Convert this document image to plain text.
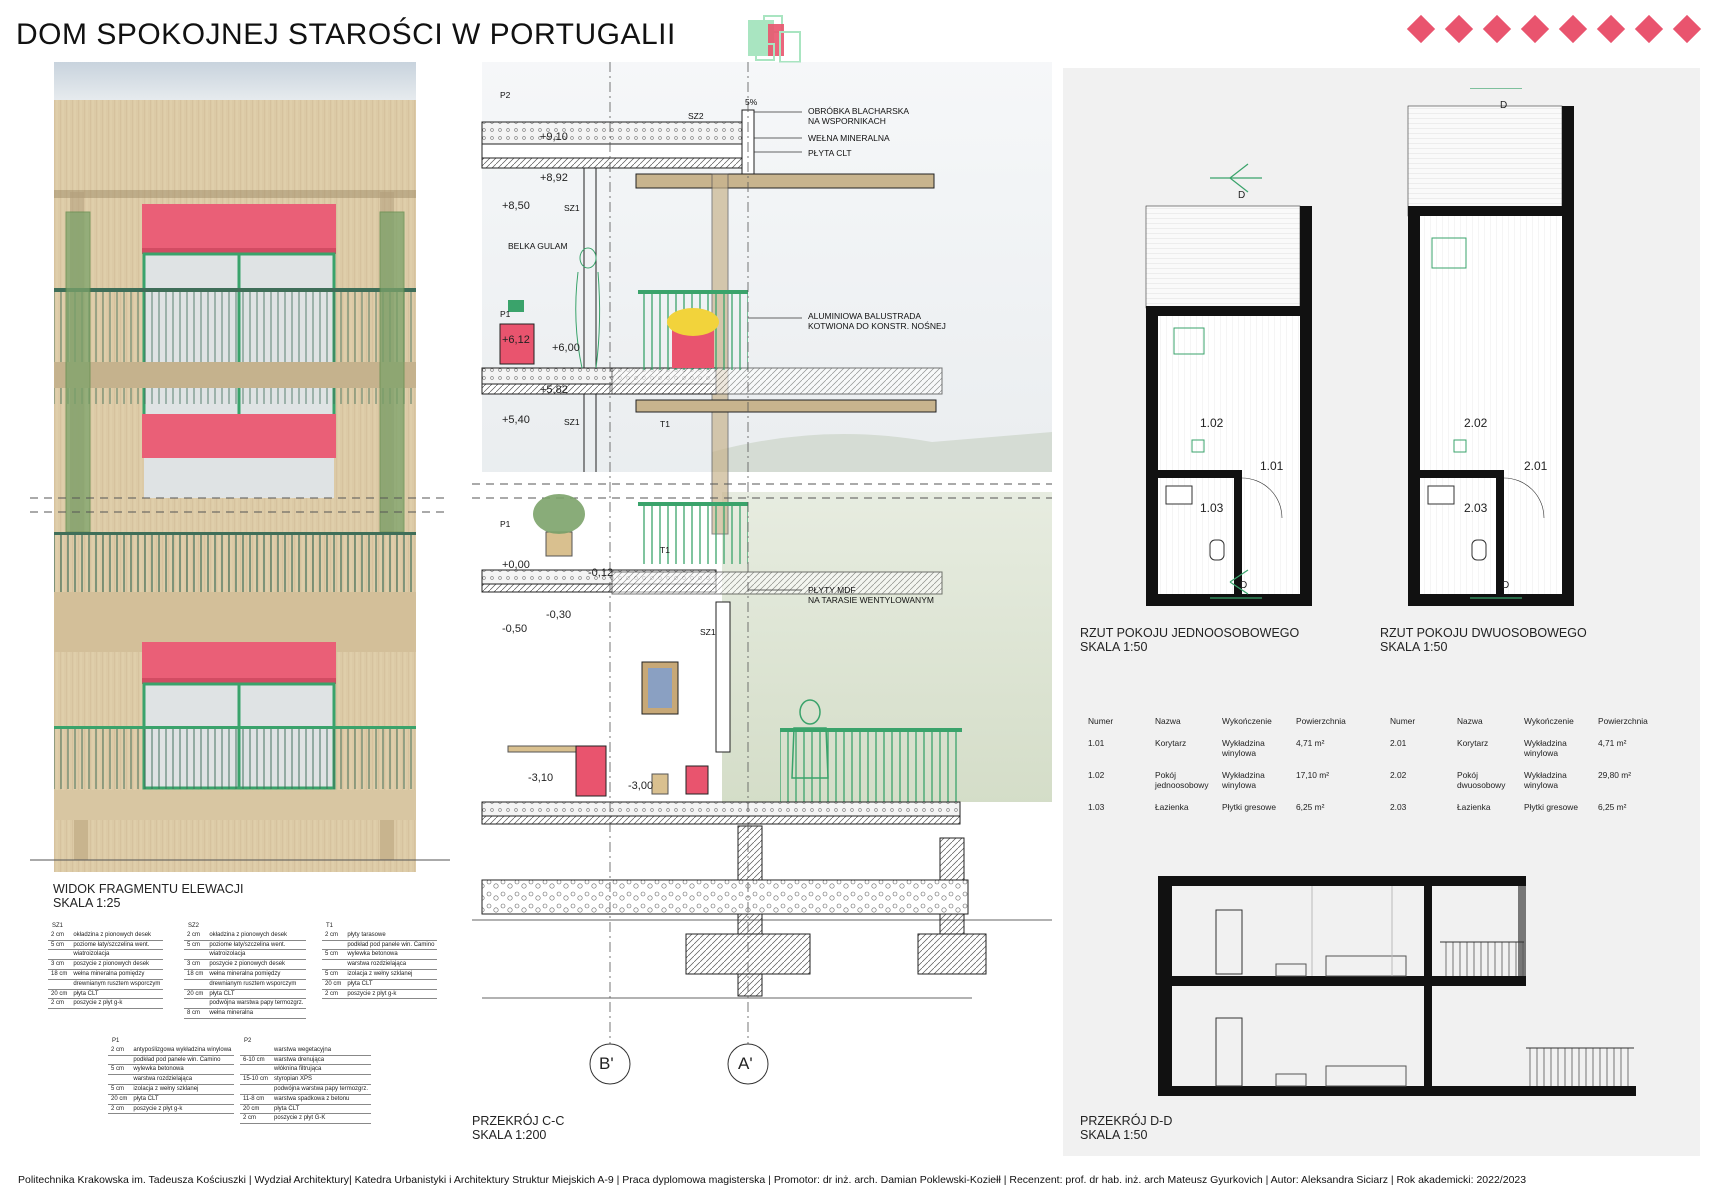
DOM SPOKOJNEJ STAROŚCI W PORTUGALII
WIDOK FRAGMENTU ELEWACJI
SKALA 1:25
SZ1
2 cm	okładzina z pionowych desek
5 cm	poziome łaty/szczelina went.
	wiatroizolacja
3 cm	poszycie z pionowych desek
18 cm	wełna mineralna pomiędzy
	drewnianym rusztem wsporczym
20 cm	płyta CLT
2 cm	poszycie z płyt g-k
SZ2
2 cm	okładzina z pionowych desek
5 cm	poziome łaty/szczelina went.
	wiatroizolacja
3 cm	poszycie z pionowych desek
18 cm	wełna mineralna pomiędzy
	drewnianym rusztem wsporczym
20 cm	płyta CLT
	podwójna warstwa papy termozgrz.
8 cm	wełna mineralna
T1
2 cm	płyty tarasowe
	podkład pod panele win. Camino
5 cm	wylewka betonowa
	warstwa rozdzielająca
5 cm	izolacja z wełny szklanej
20 cm	płyta CLT
2 cm	poszycie z płyt g-k
P1
2 cm	antypoślizgowa wykładzina winylowa
	podkład pod panele win. Camino
5 cm	wylewka betonowa
	warstwa rozdzielająca
5 cm	izolacja z wełny szklanej
20 cm	płyta CLT
2 cm	poszycie z płyt g-k
P2
	warstwa wegetacyjna
6-10 cm	warstwa drenująca
	włóknina filtrująca
15-10 cm	styropian XPS
	podwójna warstwa papy termozgrz.
11-8 cm	warstwa spadkowa z betonu
20 cm	płyta CLT
2 cm	poszycie z płyt G-K
P2
SZ2
5%
+9,10
+8,92
+8,50	SZ1
BELKA GULAM
P1
+6,12
+6,00
+5,82
+5,40	SZ1	T1
P1
T1
+0,00
-0,12
-0,30
-0,50	SZ1
-3,10
-3,00
B'	A'
OBRÓBKA BLACHARSKA
NA WSPORNIKACH
WEŁNA MINERALNA
PŁYTA CLT
ALUMINIOWA BALUSTRADA
KOTWIONA DO KONSTR. NOŚNEJ
PŁYTY MDF
NA TARASIE WENTYLOWANYM
PRZEKRÓJ C-C
SKALA 1:200
1.02
1.01
1.03
2.02
2.01
2.03
D
D
D
D
RZUT POKOJU JEDNOOSOBOWEGO
SKALA 1:50
RZUT POKOJU DWUOSOBOWEGO
SKALA 1:50
Numer	Nazwa	Wykończenie	Powierzchnia
1.01	Korytarz	Wykładzina winylowa	4,71 m²
1.02	Pokój jednoosobowy	Wykładzina winylowa	17,10 m²
1.03	Łazienka	Płytki gresowe	6,25 m²
Numer	Nazwa	Wykończenie	Powierzchnia
2.01	Korytarz	Wykładzina winylowa	4,71 m²
2.02	Pokój dwuosobowy	Wykładzina winylowa	29,80 m²
2.03	Łazienka	Płytki gresowe	6,25 m²
PRZEKRÓJ D-D
SKALA 1:50
Politechnika Krakowska im. Tadeusza Kościuszki | Wydział Architektury| Katedra Urbanistyki i Architektury Struktur Miejskich A-9 | Praca dyplomowa magisterska | Promotor: dr inż. arch. Damian Poklewski-Koziełł | Recenzent: prof. dr hab. inż. arch Mateusz Gyurkovich | Autor: Aleksandra Siciarz | Rok akademicki: 2022/2023
